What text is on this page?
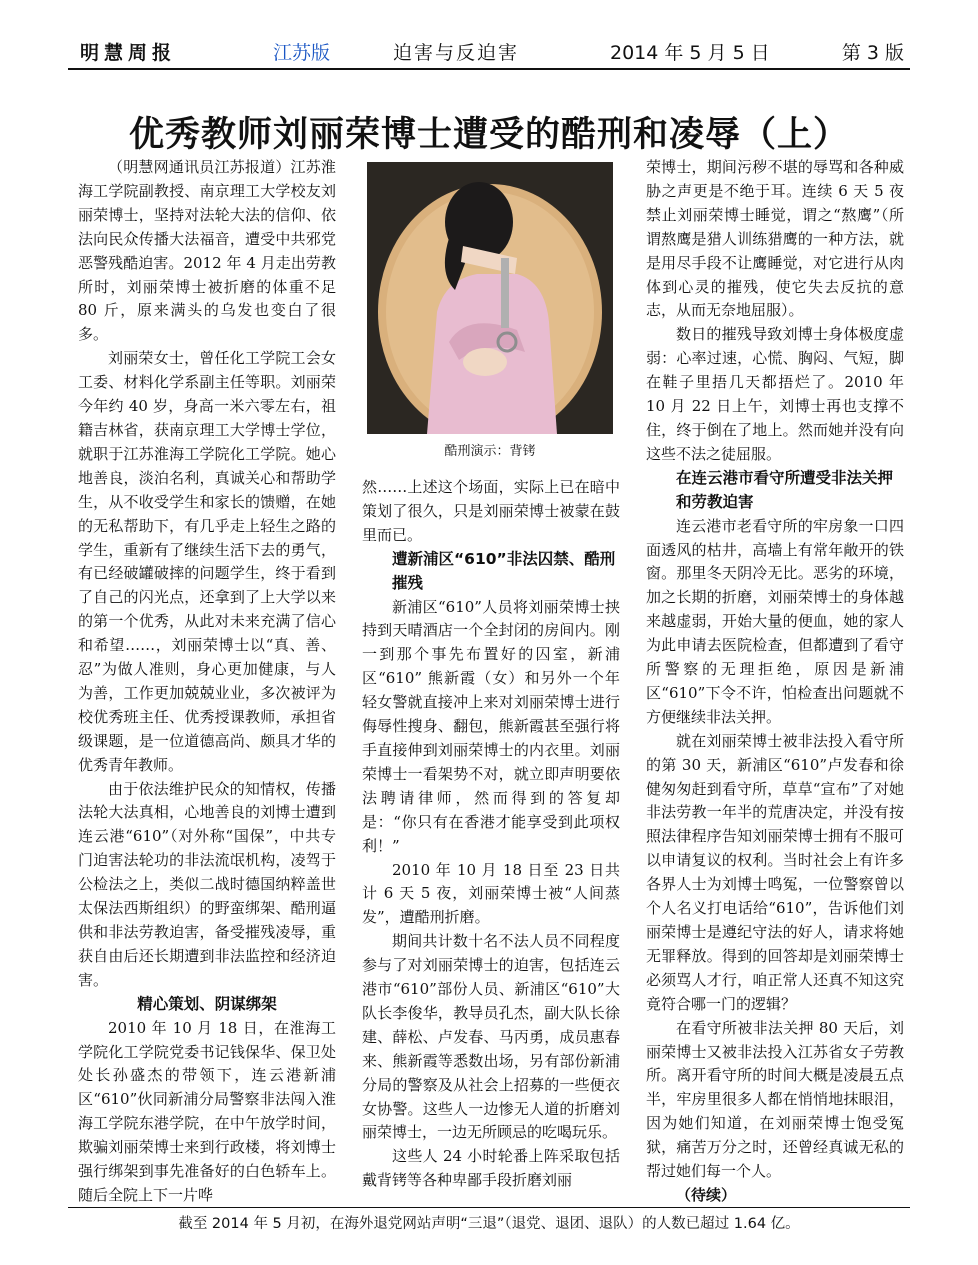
明慧周报	江苏版	迫害与反迫害	2014 年 5 月 5 日	第 3 版
优秀教师刘丽荣博士遭受的酷刑和凌辱（上）

（明慧网通讯员江苏报道）江苏淮海工学院副教授、南京理工大学校友刘丽荣博士，坚持对法轮大法的信仰、依法向民众传播大法福音，遭受中共邪党恶警残酷迫害。2012 年 4 月走出劳教所时，刘丽荣博士被折磨的体重不足 80 斤，原来满头的乌发也变白了很多。

刘丽荣女士，曾任化工学院工会女工委、材料化学系副主任等职。刘丽荣今年约 40 岁，身高一米六零左右，祖籍吉林省，获南京理工大学博士学位，就职于江苏淮海工学院化工学院。她心地善良，淡泊名利，真诚关心和帮助学生，从不收受学生和家长的馈赠，在她的无私帮助下，有几乎走上轻生之路的学生，重新有了继续生活下去的勇气，有已经破罐破摔的问题学生，终于看到了自己的闪光点，还拿到了上大学以来的第一个优秀，从此对未来充满了信心和希望……，刘丽荣博士以“真、善、忍”为做人准则，身心更加健康，与人为善，工作更加兢兢业业，多次被评为校优秀班主任、优秀授课教师，承担省级课题，是一位道德高尚、颇具才华的优秀青年教师。

由于依法维护民众的知情权，传播法轮大法真相，心地善良的刘博士遭到连云港“610”（对外称“国保”，中共专门迫害法轮功的非法流氓机构，凌驾于公检法之上，类似二战时德国纳粹盖世太保法西斯组织）的野蛮绑架、酷刑逼供和非法劳教迫害，备受摧残凌辱，重获自由后还长期遭到非法监控和经济迫害。

精心策划、阴谋绑架

2010 年 10 月 18 日，在淮海工学院化工学院党委书记钱保华、保卫处处长孙盛杰的带领下，连云港新浦区“610”伙同新浦分局警察非法闯入淮海工学院东港学院，在中午放学时间，欺骗刘丽荣博士来到行政楼，将刘博士强行绑架到事先准备好的白色轿车上。随后全院上下一片哗

酷刑演示：背铐

然……上述这个场面，实际上已在暗中策划了很久，只是刘丽荣博士被蒙在鼓里而已。

遭新浦区“610”非法囚禁、酷刑摧残

新浦区“610”人员将刘丽荣博士挟持到天晴酒店一个全封闭的房间内。刚一到那个事先布置好的囚室，新浦区“610” 熊新霞（女）和另外一个年轻女警就直接冲上来对刘丽荣博士进行侮辱性搜身、翻包，熊新霞甚至强行将手直接伸到刘丽荣博士的内衣里。刘丽荣博士一看架势不对，就立即声明要依法聘请律师，然而得到的答复却是：“你只有在香港才能享受到此项权利！”

2010 年 10 月 18 日至 23 日共计 6 天 5 夜，刘丽荣博士被“人间蒸发”，遭酷刑折磨。

期间共计数十名不法人员不同程度参与了对刘丽荣博士的迫害，包括连云港市“610”部份人员、新浦区“610”大队长李俊华，教导员孔杰，副大队长徐建、薛松、卢发春、马丙勇，成员惠春来、熊新霞等悉数出场，另有部份新浦分局的警察及从社会上招募的一些便衣女协警。这些人一边惨无人道的折磨刘丽荣博士，一边无所顾忌的吃喝玩乐。

这些人 24 小时轮番上阵采取包括戴背铐等各种卑鄙手段折磨刘丽

荣博士，期间污秽不堪的辱骂和各种威胁之声更是不绝于耳。连续 6 天 5 夜禁止刘丽荣博士睡觉，谓之“熬鹰”（所谓熬鹰是猎人训练猎鹰的一种方法，就是用尽手段不让鹰睡觉，对它进行从肉体到心灵的摧残，使它失去反抗的意志，从而无奈地屈服）。

数日的摧残导致刘博士身体极度虚弱：心率过速，心慌、胸闷、气短，脚在鞋子里捂几天都捂烂了。2010 年 10 月 22 日上午，刘博士再也支撑不住，终于倒在了地上。然而她并没有向这些不法之徒屈服。

在连云港市看守所遭受非法关押和劳教迫害

连云港市老看守所的牢房象一口四面透风的枯井，高墙上有常年敞开的铁窗。那里冬天阴冷无比。恶劣的环境，加之长期的折磨，刘丽荣博士的身体越来越虚弱，开始大量的便血，她的家人为此申请去医院检查，但都遭到了看守所警察的无理拒绝，原因是新浦区“610”下令不许，怕检查出问题就不方便继续非法关押。

就在刘丽荣博士被非法投入看守所的第 30 天，新浦区“610”卢发春和徐健匆匆赶到看守所，草草“宣布”了对她非法劳教一年半的荒唐决定，并没有按照法律程序告知刘丽荣博士拥有不服可以申请复议的权利。当时社会上有许多各界人士为刘博士鸣冤，一位警察曾以个人名义打电话给“610”，告诉他们刘丽荣博士是遵纪守法的好人，请求将她无罪释放。得到的回答却是刘丽荣博士必须骂人才行，咱正常人还真不知这究竟符合哪一门的逻辑？

在看守所被非法关押 80 天后，刘丽荣博士又被非法投入江苏省女子劳教所。离开看守所的时间大概是凌晨五点半，牢房里很多人都在悄悄地抹眼泪，因为她们知道，在刘丽荣博士饱受冤狱，痛苦万分之时，还曾经真诚无私的帮过她们每一个人。

（待续）

截至 2014 年 5 月初，在海外退党网站声明“三退”（退党、退团、退队）的人数已超过 1.64 亿。
